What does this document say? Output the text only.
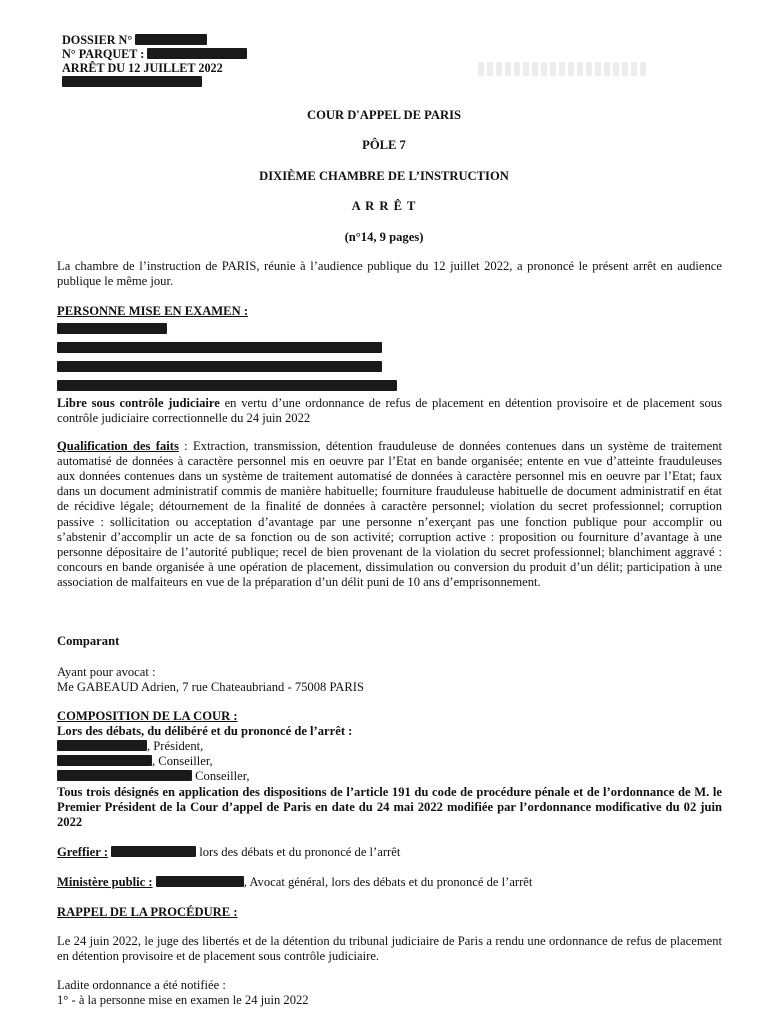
DOSSIER N°
N° PARQUET :
ARRÊT DU 12 JUILLET 2022
COUR D'APPEL DE PARIS
PÔLE 7
DIXIÈME CHAMBRE DE L’INSTRUCTION
A R R Ê T
(n°14, 9 pages)
La chambre de l’instruction de PARIS, réunie à l’audience publique du 12 juillet 2022, a prononcé le présent arrêt en audience publique le même jour.
PERSONNE MISE EN EXAMEN :
Libre sous contrôle judiciaire en vertu d’une ordonnance de refus de placement en détention provisoire et de placement sous contrôle judiciaire correctionnelle du 24 juin 2022
Qualification des faits : Extraction, transmission, détention frauduleuse de données contenues dans un système de traitement automatisé de données à caractère personnel mis en oeuvre par l’Etat en bande organisée; entente en vue d’atteinte frauduleuses aux données contenues dans un système de traitement automatisé de données à caractère personnel mis en oeuvre par l’Etat; faux dans un document administratif commis de manière habituelle; fourniture frauduleuse habituelle de document administratif en état de récidive légale; détournement de la finalité de données à caractère personnel; violation du secret professionnel; corruption passive : sollicitation ou acceptation d’avantage par une personne n’exerçant pas une fonction publique pour accomplir ou s’abstenir d’accomplir un acte de sa fonction ou de son activité; corruption active : proposition ou fourniture d’avantage à une personne dépositaire de l’autorité publique; recel de bien provenant de la violation du secret professionnel; blanchiment aggravé : concours en bande organisée à une opération de placement, dissimulation ou conversion du produit d’un délit; participation à une association de malfaiteurs en vue de la préparation d’un délit puni de 10 ans d’emprisonnement.
Comparant
Ayant pour avocat :
Me GABEAUD Adrien, 7 rue Chateaubriand - 75008 PARIS
COMPOSITION DE LA COUR :
Lors des débats, du délibéré et du prononcé de l’arrêt :
, Président,
, Conseiller,
Conseiller,
Tous trois désignés en application des dispositions de l’article 191 du code de procédure pénale et de l’ordonnance de M. le Premier Président de la Cour d’appel de Paris en date du 24 mai 2022 modifiée par l’ordonnance modificative du 02 juin 2022
Greffier :	lors des débats et du prononcé de l’arrêt
Ministère public :	, Avocat général, lors des débats et du prononcé de l’arrêt
RAPPEL DE LA PROCÉDURE :
Le 24 juin 2022, le juge des libertés et de la détention du tribunal judiciaire de Paris a rendu une ordonnance de refus de placement en détention provisoire et de placement sous contrôle judiciaire.
Ladite ordonnance a été notifiée :
1° - à la personne mise en examen le 24 juin 2022
